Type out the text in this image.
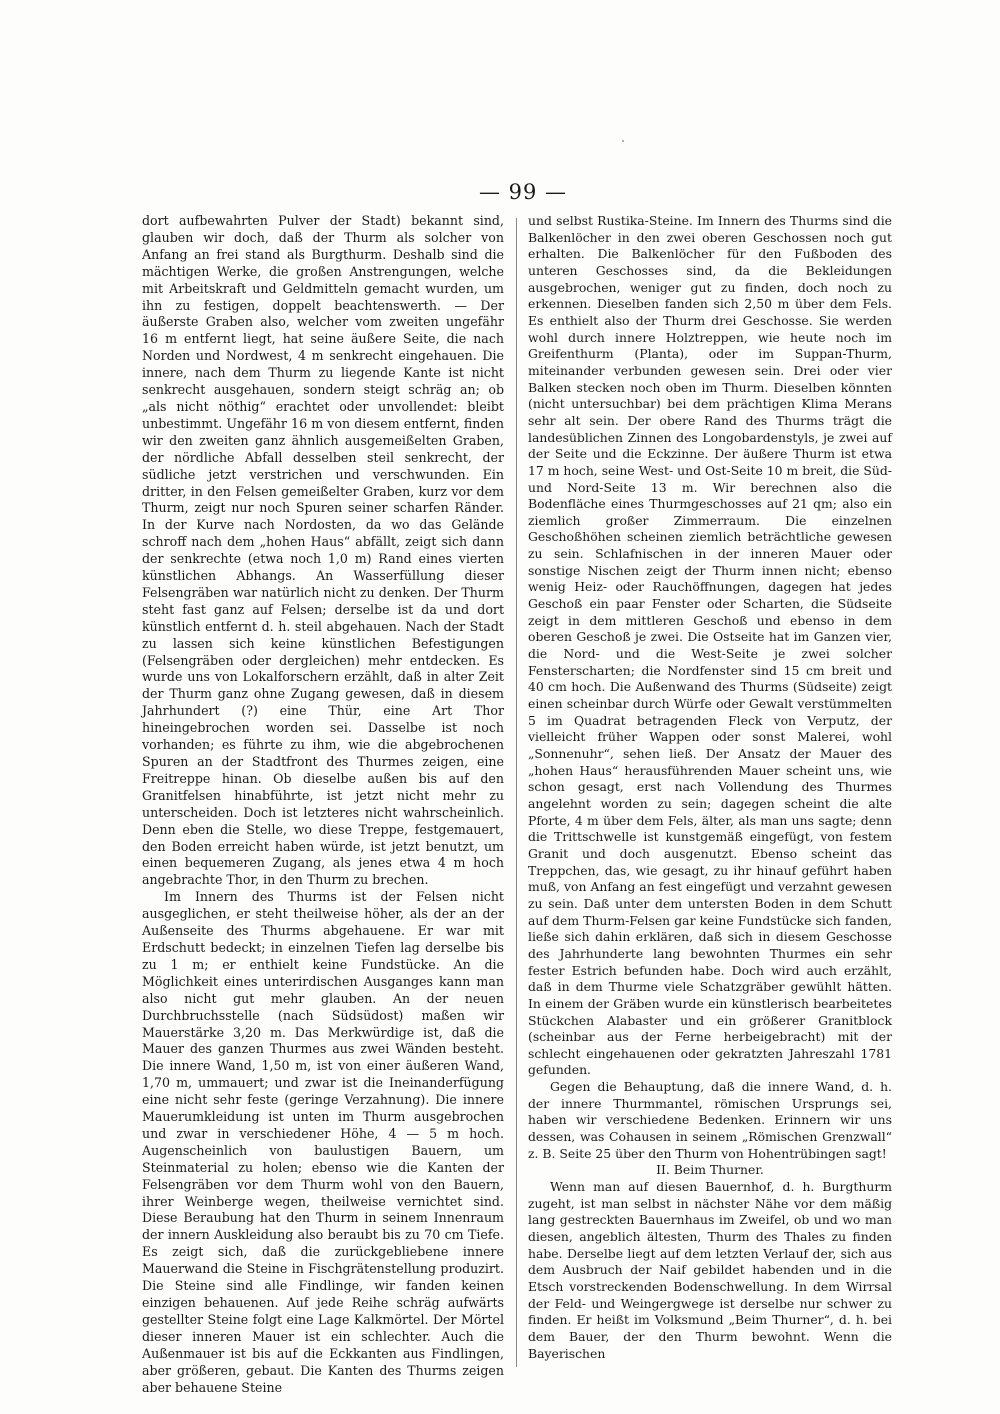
— 99 —

dort aufbewahrten Pulver der Stadt) bekannt sind, glauben wir doch, daß der Thurm als solcher von Anfang an frei stand als Burgthurm. Deshalb sind die mächtigen Werke, die großen Anstrengungen, welche mit Arbeitskraft und Geldmitteln gemacht wurden, um ihn zu festigen, doppelt beachtenswerth. — Der äußerste Graben also, welcher vom zweiten ungefähr 16 m entfernt liegt, hat seine äußere Seite, die nach Norden und Nordwest, 4 m senkrecht eingehauen. Die innere, nach dem Thurm zu liegende Kante ist nicht senkrecht ausgehauen, sondern steigt schräg an; ob „als nicht nöthig“ erachtet oder unvollendet: bleibt unbestimmt. Ungefähr 16 m von diesem entfernt, finden wir den zweiten ganz ähnlich ausgemeißelten Graben, der nördliche Abfall desselben steil senkrecht, der südliche jetzt verstrichen und verschwunden. Ein dritter, in den Felsen gemeißelter Graben, kurz vor dem Thurm, zeigt nur noch Spuren seiner scharfen Ränder. In der Kurve nach Nordosten, da wo das Gelände schroff nach dem „hohen Haus“ abfällt, zeigt sich dann der senkrechte (etwa noch 1,0 m) Rand eines vierten künstlichen Abhangs. An Wasserfüllung dieser Felsengräben war natürlich nicht zu denken. Der Thurm steht fast ganz auf Felsen; derselbe ist da und dort künstlich entfernt d. h. steil abgehauen. Nach der Stadt zu lassen sich keine künstlichen Befestigungen (Felsengräben oder dergleichen) mehr entdecken. Es wurde uns von Lokalforschern erzählt, daß in alter Zeit der Thurm ganz ohne Zugang gewesen, daß in diesem Jahrhundert (?) eine Thür, eine Art Thor hineingebrochen worden sei. Dasselbe ist noch vorhanden; es führte zu ihm, wie die abgebrochenen Spuren an der Stadtfront des Thurmes zeigen, eine Freitreppe hinan. Ob dieselbe außen bis auf den Granitfelsen hinabführte, ist jetzt nicht mehr zu unterscheiden. Doch ist letzteres nicht wahrscheinlich. Denn eben die Stelle, wo diese Treppe, festgemauert, den Boden erreicht haben würde, ist jetzt benutzt, um einen bequemeren Zugang, als jenes etwa 4 m hoch angebrachte Thor, in den Thurm zu brechen.

Im Innern des Thurms ist der Felsen nicht ausgeglichen, er steht theilweise höher, als der an der Außenseite des Thurms abgehauene. Er war mit Erdschutt bedeckt; in einzelnen Tiefen lag derselbe bis zu 1 m; er enthielt keine Fundstücke. An die Möglichkeit eines unterirdischen Ausganges kann man also nicht gut mehr glauben. An der neuen Durchbruchsstelle (nach Südsüdost) maßen wir Mauerstärke 3,20 m. Das Merkwürdige ist, daß die Mauer des ganzen Thurmes aus zwei Wänden besteht. Die innere Wand, 1,50 m, ist von einer äußeren Wand, 1,70 m, ummauert; und zwar ist die Ineinanderfügung eine nicht sehr feste (geringe Verzahnung). Die innere Mauerumkleidung ist unten im Thurm ausgebrochen und zwar in verschiedener Höhe, 4 — 5 m hoch. Augenscheinlich von baulustigen Bauern, um Steinmaterial zu holen; ebenso wie die Kanten der Felsengräben vor dem Thurm wohl von den Bauern, ihrer Weinberge wegen, theilweise vernichtet sind. Diese Beraubung hat den Thurm in seinem Innenraum der innern Auskleidung also beraubt bis zu 70 cm Tiefe. Es zeigt sich, daß die zurückgebliebene innere Mauerwand die Steine in Fischgrätenstellung produzirt. Die Steine sind alle Findlinge, wir fanden keinen einzigen behauenen. Auf jede Reihe schräg aufwärts gestellter Steine folgt eine Lage Kalkmörtel. Der Mörtel dieser inneren Mauer ist ein schlechter. Auch die Außenmauer ist bis auf die Eckkanten aus Findlingen, aber größeren, gebaut. Die Kanten des Thurms zeigen aber behauene Steine

und selbst Rustika-Steine. Im Innern des Thurms sind die Balkenlöcher in den zwei oberen Geschossen noch gut erhalten. Die Balkenlöcher für den Fußboden des unteren Geschosses sind, da die Bekleidungen ausgebrochen, weniger gut zu finden, doch noch zu erkennen. Dieselben fanden sich 2,50 m über dem Fels. Es enthielt also der Thurm drei Geschosse. Sie werden wohl durch innere Holztreppen, wie heute noch im Greifenthurm (Planta), oder im Suppan-Thurm, miteinander verbunden gewesen sein. Drei oder vier Balken stecken noch oben im Thurm. Dieselben könnten (nicht untersuchbar) bei dem prächtigen Klima Merans sehr alt sein. Der obere Rand des Thurms trägt die landesüblichen Zinnen des Longobardenstyls, je zwei auf der Seite und die Eckzinne. Der äußere Thurm ist etwa 17 m hoch, seine West- und Ost-Seite 10 m breit, die Süd- und Nord-Seite 13 m. Wir berechnen also die Bodenfläche eines Thurmgeschosses auf 21 qm; also ein ziemlich großer Zimmerraum. Die einzelnen Geschoßhöhen scheinen ziemlich beträchtliche gewesen zu sein. Schlafnischen in der inneren Mauer oder sonstige Nischen zeigt der Thurm innen nicht; ebenso wenig Heiz- oder Rauchöffnungen, dagegen hat jedes Geschoß ein paar Fenster oder Scharten, die Südseite zeigt in dem mittleren Geschoß und ebenso in dem oberen Geschoß je zwei. Die Ostseite hat im Ganzen vier, die Nord- und die West-Seite je zwei solcher Fensterscharten; die Nordfenster sind 15 cm breit und 40 cm hoch. Die Außenwand des Thurms (Südseite) zeigt einen scheinbar durch Würfe oder Gewalt verstümmelten 5 im Quadrat betragenden Fleck von Verputz, der vielleicht früher Wappen oder sonst Malerei, wohl „Sonnenuhr“, sehen ließ. Der Ansatz der Mauer des „hohen Haus“ herausführenden Mauer scheint uns, wie schon gesagt, erst nach Vollendung des Thurmes angelehnt worden zu sein; dagegen scheint die alte Pforte, 4 m über dem Fels, älter, als man uns sagte; denn die Trittschwelle ist kunstgemäß eingefügt, von festem Granit und doch ausgenutzt. Ebenso scheint das Treppchen, das, wie gesagt, zu ihr hinauf geführt haben muß, von Anfang an fest eingefügt und verzahnt gewesen zu sein. Daß unter dem untersten Boden in dem Schutt auf dem Thurm-Felsen gar keine Fundstücke sich fanden, ließe sich dahin erklären, daß sich in diesem Geschosse des Jahrhunderte lang bewohnten Thurmes ein sehr fester Estrich befunden habe. Doch wird auch erzählt, daß in dem Thurme viele Schatzgräber gewühlt hätten. In einem der Gräben wurde ein künstlerisch bearbeitetes Stückchen Alabaster und ein größerer Granitblock (scheinbar aus der Ferne herbeigebracht) mit der schlecht eingehauenen oder gekratzten Jahreszahl 1781 gefunden.

Gegen die Behauptung, daß die innere Wand, d. h. der innere Thurmmantel, römischen Ursprungs sei, haben wir verschiedene Bedenken. Erinnern wir uns dessen, was Cohausen in seinem „Römischen Grenzwall“ z. B. Seite 25 über den Thurm von Hohentrübingen sagt!

II. Beim Thurner.

Wenn man auf diesen Bauernhof, d. h. Burgthurm zugeht, ist man selbst in nächster Nähe vor dem mäßig lang gestreckten Bauernhaus im Zweifel, ob und wo man diesen, angeblich ältesten, Thurm des Thales zu finden habe. Derselbe liegt auf dem letzten Verlauf der, sich aus dem Ausbruch der Naif gebildet habenden und in die Etsch vorstreckenden Bodenschwellung. In dem Wirrsal der Feld- und Weingergwege ist derselbe nur schwer zu finden. Er heißt im Volksmund „Beim Thurner“, d. h. bei dem Bauer, der den Thurm bewohnt. Wenn die Bayerischen
